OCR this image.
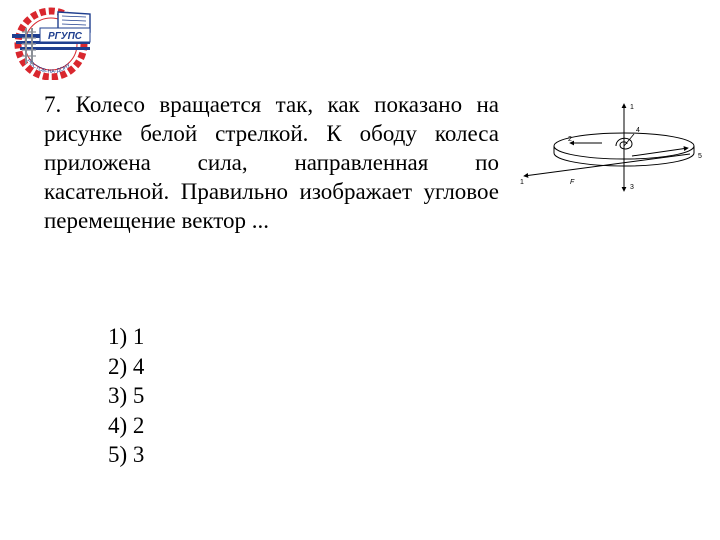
РГУПС
РОСТОВ-НА-ДОНУ
7. Колесо вращается так, как показано на рисунке белой стрелкой. К ободу колеса приложена сила, направленная по касательной. Правильно изображает угловое перемещение вектор ...
1) 1
2) 4
3) 5
4) 2
5) 3
1
2
3
4
5
F
1
